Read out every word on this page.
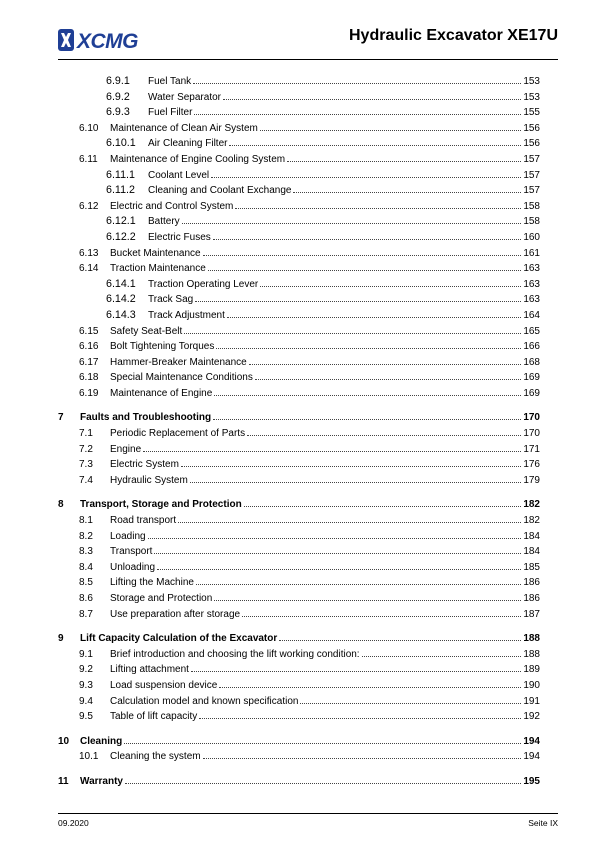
XCMG	Hydraulic Excavator XE17U
6.9.1	Fuel Tank	153
6.9.2	Water Separator	153
6.9.3	Fuel Filter	155
6.10	Maintenance of Clean Air System	156
6.10.1	Air Cleaning Filter	156
6.11	Maintenance of Engine Cooling System	157
6.11.1	Coolant Level	157
6.11.2	Cleaning and Coolant Exchange	157
6.12	Electric and Control System	158
6.12.1	Battery	158
6.12.2	Electric Fuses	160
6.13	Bucket Maintenance	161
6.14	Traction Maintenance	163
6.14.1	Traction Operating Lever	163
6.14.2	Track Sag	163
6.14.3	Track Adjustment	164
6.15	Safety Seat-Belt	165
6.16	Bolt Tightening Torques	166
6.17	Hammer-Breaker Maintenance	168
6.18	Special Maintenance Conditions	169
6.19	Maintenance of Engine	169
7	Faults and Troubleshooting	170
7.1	Periodic Replacement of Parts	170
7.2	Engine	171
7.3	Electric System	176
7.4	Hydraulic System	179
8	Transport, Storage and Protection	182
8.1	Road transport	182
8.2	Loading	184
8.3	Transport	184
8.4	Unloading	185
8.5	Lifting the Machine	186
8.6	Storage and Protection	186
8.7	Use preparation after storage	187
9	Lift Capacity Calculation of the Excavator	188
9.1	Brief introduction and choosing the lift working condition:	188
9.2	Lifting attachment	189
9.3	Load suspension device	190
9.4	Calculation model and known specification	191
9.5	Table of lift capacity	192
10	Cleaning	194
10.1	Cleaning the system	194
11	Warranty	195
09.2020	Seite IX
